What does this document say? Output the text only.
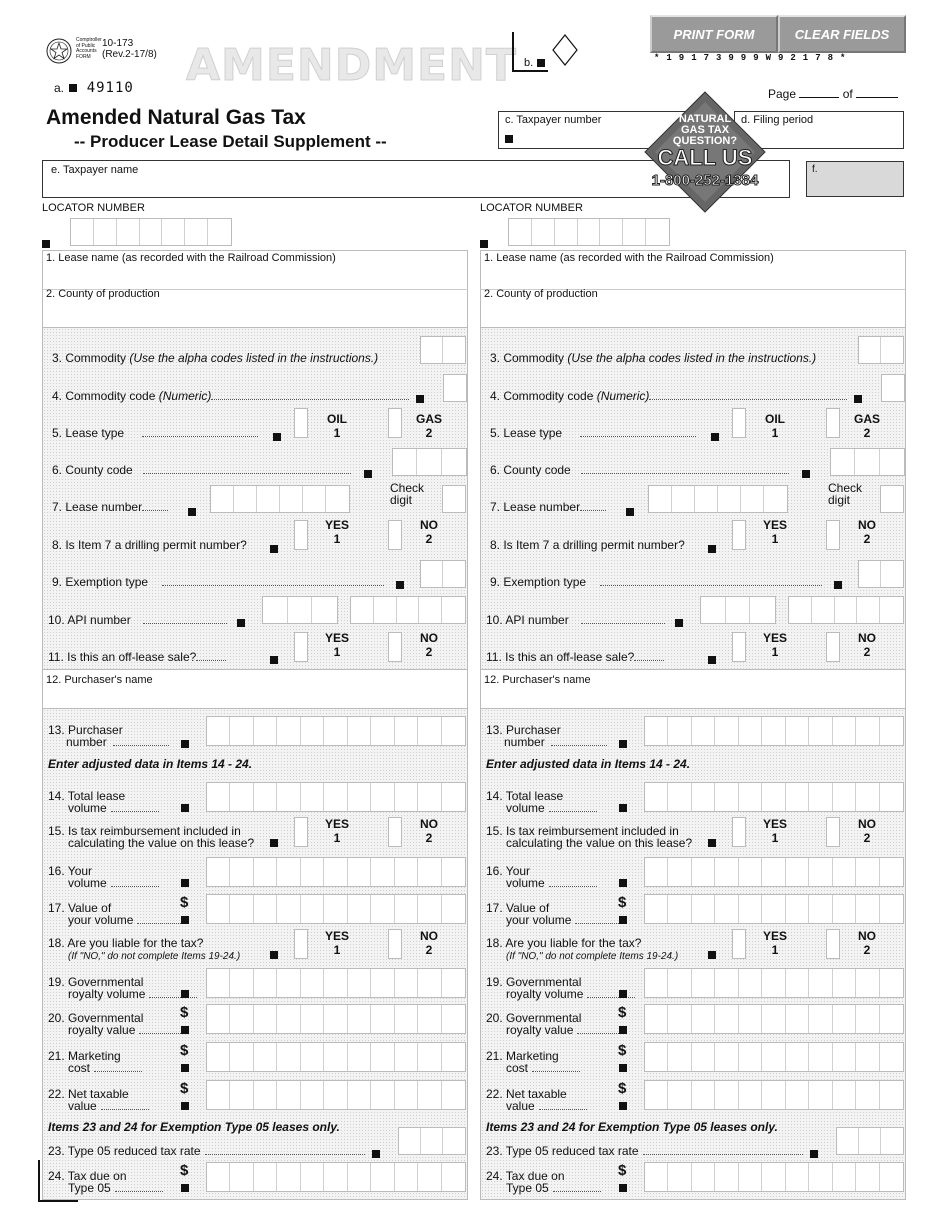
Comptroller
of Public
Accounts
FORM
10-173
(Rev.2-17/8) AMENDMENT
a. 49110
Amended Natural Gas Tax
-- Producer Lease Detail Supplement --
b.
PRINT FORM	CLEAR FIELDS
*19173999W92178*
Page	of
c. Taxpayer number	d. Filing period
e. Taxpayer name	f.
NATURAL
GAS TAX
QUESTION?
CALL US
1-800-252-1384
LOCATOR NUMBER
1. Lease name (as recorded with the Railroad Commission)
2. County of production
3. Commodity (Use the alpha codes listed in the instructions.)
4. Commodity code (Numeric)
5. Lease type
OIL
1
GAS
2
6. County code
7. Lease number
Check digit
8. Is Item 7 a drilling permit number?
YES
1
NO
2
9. Exemption type
10. API number
11. Is this an off-lease sale?
YES
1
NO
2
12. Purchaser's name
13. Purchaser
number
Enter adjusted data in Items 14 - 24.
14. Total lease
volume
15. Is tax reimbursement included in
calculating the value on this lease?
YES
1
NO
2
16. Your
volume
17. Value of
your volume
$
18. Are you liable for the tax?
(If "NO," do not complete Items 19-24.)
YES
1
NO
2
19. Governmental
royalty volume
20. Governmental
royalty value
$
21. Marketing
cost
$
22. Net taxable
value
$
Items 23 and 24 for Exemption Type 05 leases only.
23. Type 05 reduced tax rate
24. Tax due on
Type 05
$
LOCATOR NUMBER
1. Lease name (as recorded with the Railroad Commission)
2. County of production
3. Commodity (Use the alpha codes listed in the instructions.)
4. Commodity code (Numeric)
5. Lease type
OIL
1
GAS
2
6. County code
7. Lease number
Check digit
8. Is Item 7 a drilling permit number?
YES
1
NO
2
9. Exemption type
10. API number
11. Is this an off-lease sale?
YES
1
NO
2
12. Purchaser's name
13. Purchaser
number
Enter adjusted data in Items 14 - 24.
14. Total lease
volume
15. Is tax reimbursement included in
calculating the value on this lease?
YES
1
NO
2
16. Your
volume
17. Value of
your volume
$
18. Are you liable for the tax?
(If "NO," do not complete Items 19-24.)
YES
1
NO
2
19. Governmental
royalty volume
20. Governmental
royalty value
$
21. Marketing
cost
$
22. Net taxable
value
$
Items 23 and 24 for Exemption Type 05 leases only.
23. Type 05 reduced tax rate
24. Tax due on
Type 05
$
